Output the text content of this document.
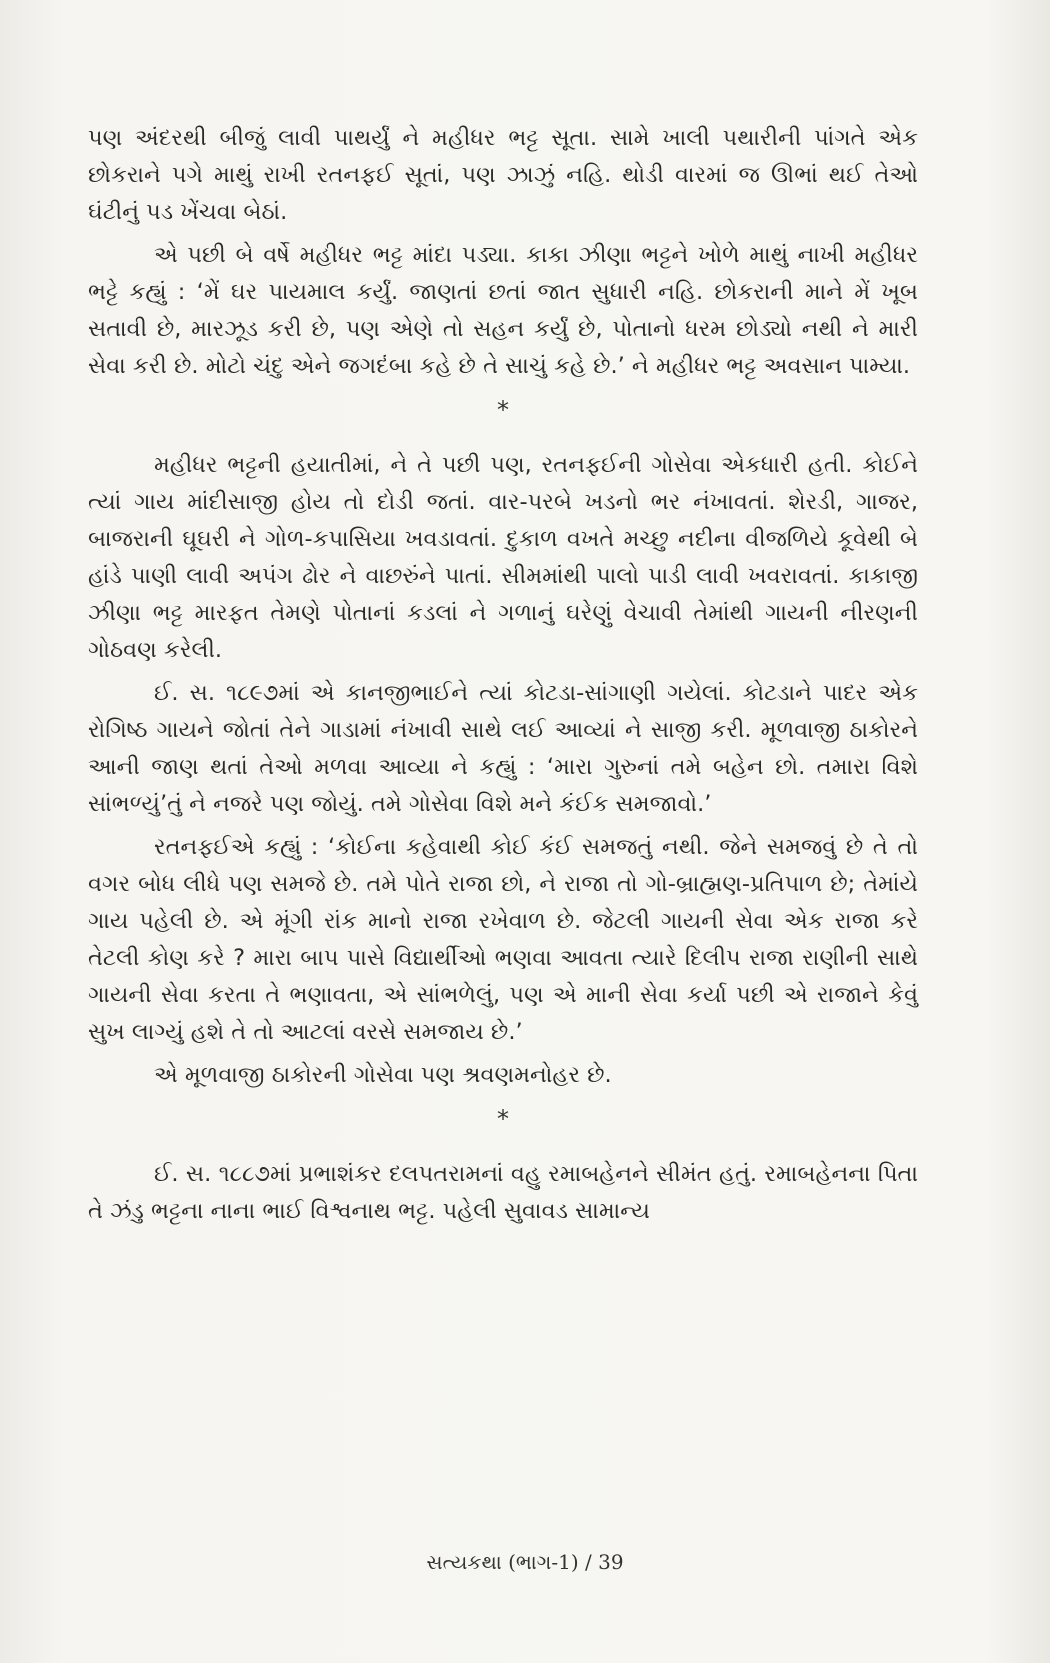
પણ અંદરથી બીજું લાવી પાથર્યું ને મહીધર ભટ્ટ સૂતા. સામે ખાલી પથારીની પાંગતે એક છોકરાને પગે માથું રાખી રતનફઈ સૂતાં, પણ ઝાઝું નહિ. થોડી વારમાં જ ઊભાં થઈ તેઓ ઘંટીનું પડ ખેંચવા બેઠાં.

એ પછી બે વર્ષે મહીધર ભટ્ટ માંદા પડ્યા. કાકા ઝીણા ભટ્ટને ખોળે માથું નાખી મહીધર ભટ્ટે કહ્યું : ‘મેં ઘર પાયમાલ કર્યું. જાણતાં છતાં જાત સુધારી નહિ. છોકરાની માને મેં ખૂબ સતાવી છે, મારઝૂડ કરી છે, પણ એણે તો સહન કર્યું છે, પોતાનો ધરમ છોડ્યો નથી ને મારી સેવા કરી છે. મોટો ચંદુ એને જગદંબા કહે છે તે સાચું કહે છે.’ ને મહીધર ભટ્ટ અવસાન પામ્યા.

*

મહીધર ભટ્ટની હયાતીમાં, ને તે પછી પણ, રતનફઈની ગોસેવા એકધારી હતી. કોઈને ત્યાં ગાય માંદીસાજી હોય તો દોડી જતાં. વાર-પરબે ખડનો ભર નંખાવતાં. શેરડી, ગાજર, બાજરાની ઘૂઘરી ને ગોળ-કપાસિયા ખવડાવતાં. દુકાળ વખતે મચ્છુ નદીના વીજળિયે કૂવેથી બે હાંડે પાણી લાવી અપંગ ઢોર ને વાછરુંને પાતાં. સીમમાંથી પાલો પાડી લાવી ખવરાવતાં. કાકાજી ઝીણા ભટ્ટ મારફત તેમણે પોતાનાં કડલાં ને ગળાનું ઘરેણું વેચાવી તેમાંથી ગાયની નીરણની ગોઠવણ કરેલી.

ઈ. સ. ૧૮૯૭માં એ કાનજીભાઈને ત્યાં કોટડા-સાંગાણી ગયેલાં. કોટડાને પાદર એક રોગિષ્ઠ ગાયને જોતાં તેને ગાડામાં નંખાવી સાથે લઈ આવ્યાં ને સાજી કરી. મૂળવાજી ઠાકોરને આની જાણ થતાં તેઓ મળવા આવ્યા ને કહ્યું : ‘મારા ગુરુનાં તમે બહેન છો. તમારા વિશે સાંભળ્યું’તું ને નજરે પણ જોયું. તમે ગોસેવા વિશે મને કંઈક સમજાવો.’

રતનફઈએ કહ્યું : ‘કોઈના કહેવાથી કોઈ કંઈ સમજતું નથી. જેને સમજવું છે તે તો વગર બોધ લીધે પણ સમજે છે. તમે પોતે રાજા છો, ને રાજા તો ગો-બ્રાહ્મણ-પ્રતિપાળ છે; તેમાંયે ગાય પહેલી છે. એ મૂંગી રાંક માનો રાજા રખેવાળ છે. જેટલી ગાયની સેવા એક રાજા કરે તેટલી કોણ કરે ? મારા બાપ પાસે વિદ્યાર્થીઓ ભણવા આવતા ત્યારે દિલીપ રાજા રાણીની સાથે ગાયની સેવા કરતા તે ભણાવતા, એ સાંભળેલું, પણ એ માની સેવા કર્યા પછી એ રાજાને કેવું સુખ લાગ્યું હશે તે તો આટલાં વરસે સમજાય છે.’

એ મૂળવાજી ઠાકોરની ગોસેવા પણ શ્રવણમનોહર છે.

*

ઈ. સ. ૧૮૮૭માં પ્રભાશંકર દલપતરામનાં વહુ રમાબહેનને સીમંત હતું. રમાબહેનના પિતા તે ઝંડુ ભટ્ટના નાના ભાઈ વિશ્વનાથ ભટ્ટ. પહેલી સુવાવડ સામાન્ય

સત્યકથા (ભાગ-1) / 39
